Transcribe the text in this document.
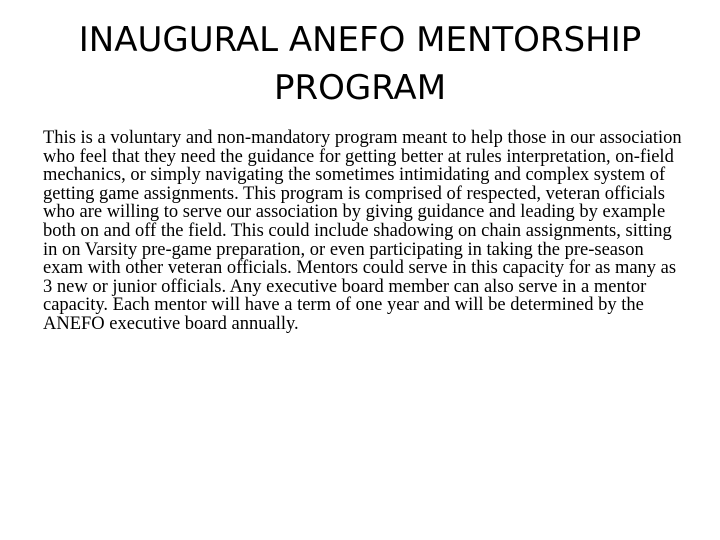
INAUGURAL ANEFO MENTORSHIP PROGRAM

This is a voluntary and non-mandatory program meant to help those in our association who feel that they need the guidance for getting better at rules interpretation, on-field mechanics, or simply navigating the sometimes intimidating and complex system of getting game assignments. This program is comprised of respected, veteran officials who are willing to serve our association by giving guidance and leading by example both on and off the field. This could include shadowing on chain assignments, sitting in on Varsity pre-game preparation, or even participating in taking the pre-season exam with other veteran officials. Mentors could serve in this capacity for as many as 3 new or junior officials. Any executive board member can also serve in a mentor capacity. Each mentor will have a term of one year and will be determined by the ANEFO executive board annually.
